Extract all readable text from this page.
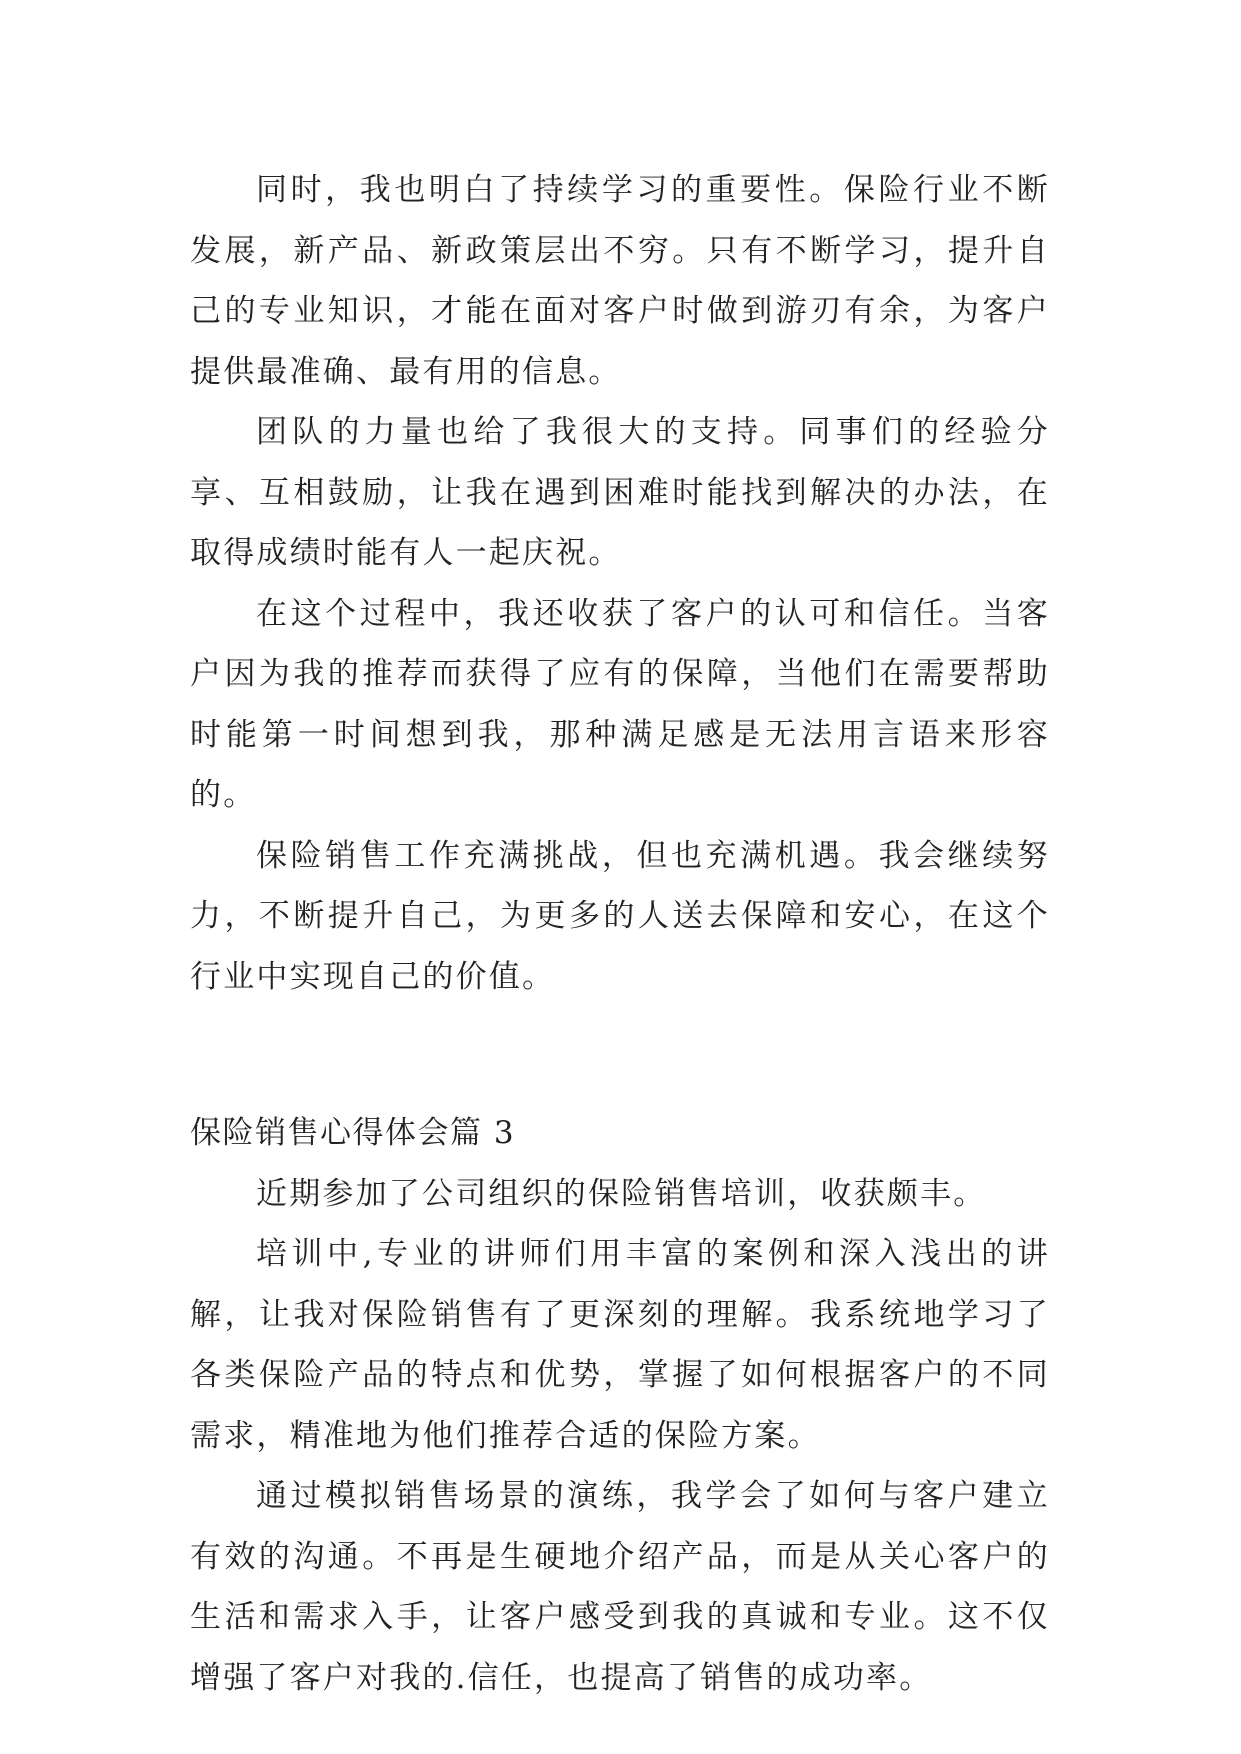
同时，我也明白了持续学习的重要性。保险行业不断发展，新产品、新政策层出不穷。只有不断学习，提升自己的专业知识，才能在面对客户时做到游刃有余，为客户提供最准确、最有用的信息。

团队的力量也给了我很大的支持。同事们的经验分享、互相鼓励，让我在遇到困难时能找到解决的办法，在取得成绩时能有人一起庆祝。

在这个过程中，我还收获了客户的认可和信任。当客户因为我的推荐而获得了应有的保障，当他们在需要帮助时能第一时间想到我，那种满足感是无法用言语来形容的。

保险销售工作充满挑战，但也充满机遇。我会继续努力，不断提升自己，为更多的人送去保障和安心，在这个行业中实现自己的价值。

保险销售心得体会篇 3

近期参加了公司组织的保险销售培训，收获颇丰。

培训中,专业的讲师们用丰富的案例和深入浅出的讲解，让我对保险销售有了更深刻的理解。我系统地学习了各类保险产品的特点和优势，掌握了如何根据客户的不同需求，精准地为他们推荐合适的保险方案。

通过模拟销售场景的演练，我学会了如何与客户建立有效的沟通。不再是生硬地介绍产品，而是从关心客户的生活和需求入手，让客户感受到我的真诚和专业。这不仅增强了客户对我的.信任，也提高了销售的成功率。
